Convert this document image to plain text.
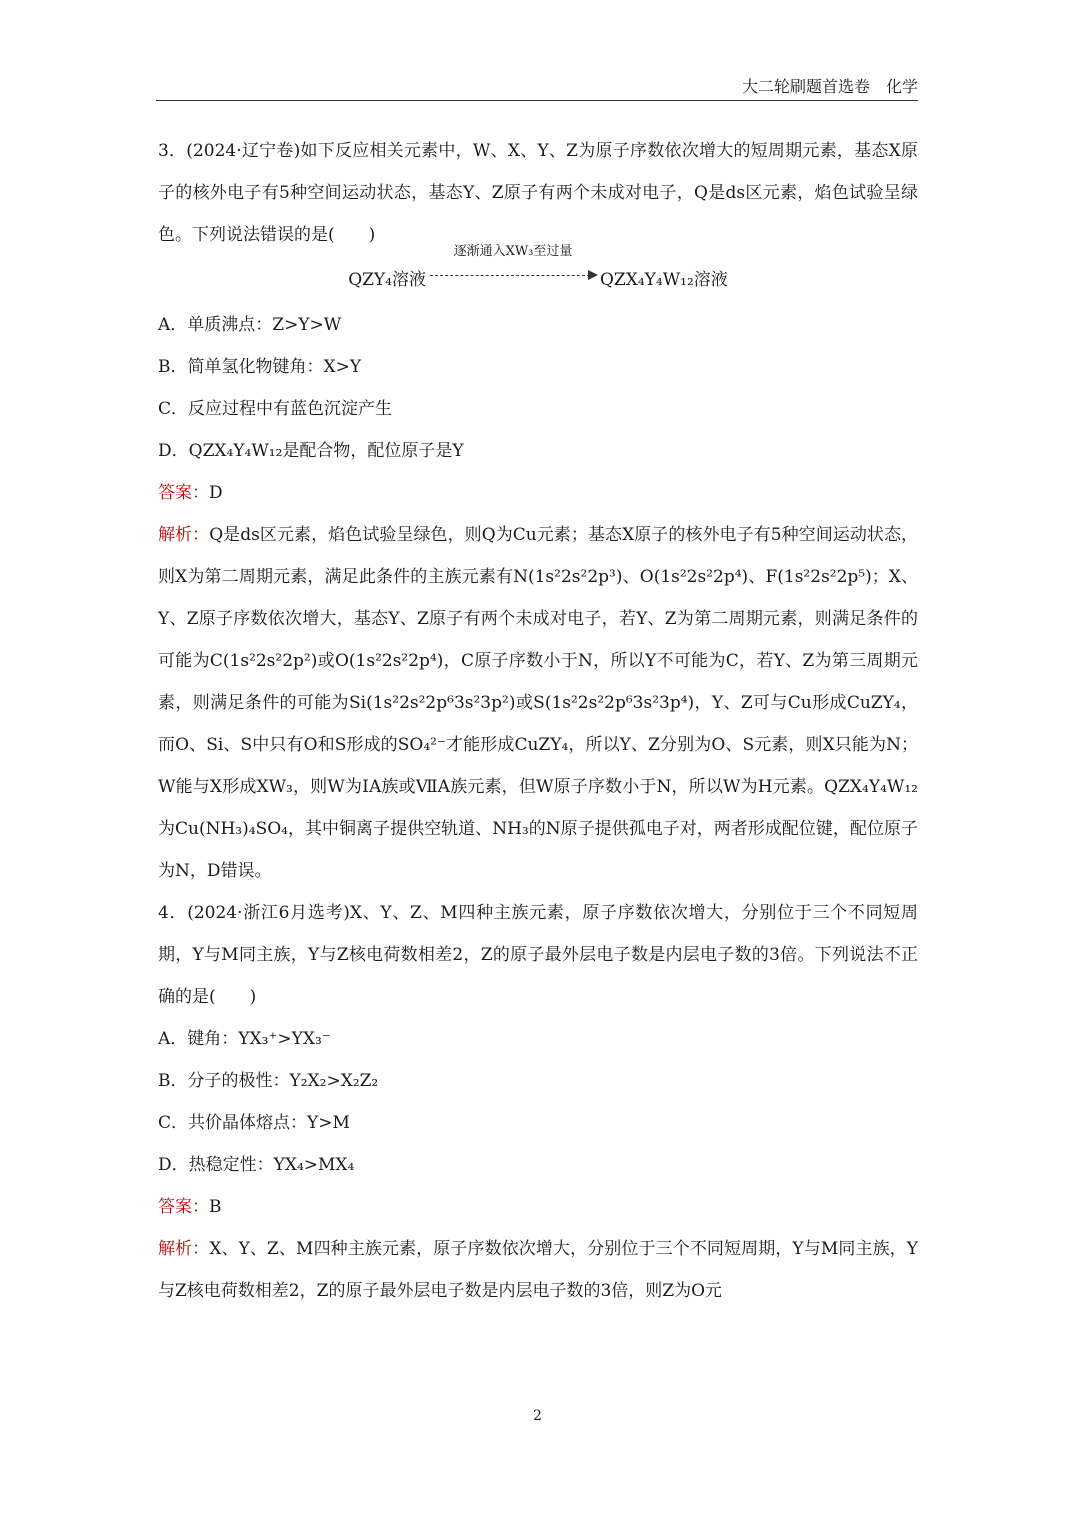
大二轮刷题首选卷　化学

3．(2024·辽宁卷)如下反应相关元素中，W、X、Y、Z为原子序数依次增大的短周期元素，基态X原子的核外电子有5种空间运动状态，基态Y、Z原子有两个未成对电子，Q是ds区元素，焰色试验呈绿色。下列说法错误的是(　　)

QZY₄溶液
逐渐通入XW₃至过量
QZX₄Y₄W₁₂溶液

A．单质沸点：Z>Y>W

B．简单氢化物键角：X>Y

C．反应过程中有蓝色沉淀产生

D．QZX₄Y₄W₁₂是配合物，配位原子是Y

答案：D

解析：Q是ds区元素，焰色试验呈绿色，则Q为Cu元素；基态X原子的核外电子有5种空间运动状态，则X为第二周期元素，满足此条件的主族元素有N(1s²2s²2p³)、O(1s²2s²2p⁴)、F(1s²2s²2p⁵)；X、Y、Z原子序数依次增大，基态Y、Z原子有两个未成对电子，若Y、Z为第二周期元素，则满足条件的可能为C(1s²2s²2p²)或O(1s²2s²2p⁴)，C原子序数小于N，所以Y不可能为C，若Y、Z为第三周期元素，则满足条件的可能为Si(1s²2s²2p⁶3s²3p²)或S(1s²2s²2p⁶3s²3p⁴)，Y、Z可与Cu形成CuZY₄，而O、Si、S中只有O和S形成的SO₄²⁻才能形成CuZY₄，所以Y、Z分别为O、S元素，则X只能为N；W能与X形成XW₃，则W为ⅠA族或ⅦA族元素，但W原子序数小于N，所以W为H元素。QZX₄Y₄W₁₂为Cu(NH₃)₄SO₄，其中铜离子提供空轨道、NH₃的N原子提供孤电子对，两者形成配位键，配位原子为N，D错误。

4．(2024·浙江6月选考)X、Y、Z、M四种主族元素，原子序数依次增大，分别位于三个不同短周期，Y与M同主族，Y与Z核电荷数相差2，Z的原子最外层电子数是内层电子数的3倍。下列说法不正确的是(　　)

A．键角：YX₃⁺>YX₃⁻

B．分子的极性：Y₂X₂>X₂Z₂

C．共价晶体熔点：Y>M

D．热稳定性：YX₄>MX₄

答案：B

解析：X、Y、Z、M四种主族元素，原子序数依次增大，分别位于三个不同短周期，Y与M同主族，Y与Z核电荷数相差2，Z的原子最外层电子数是内层电子数的3倍，则Z为O元

2
